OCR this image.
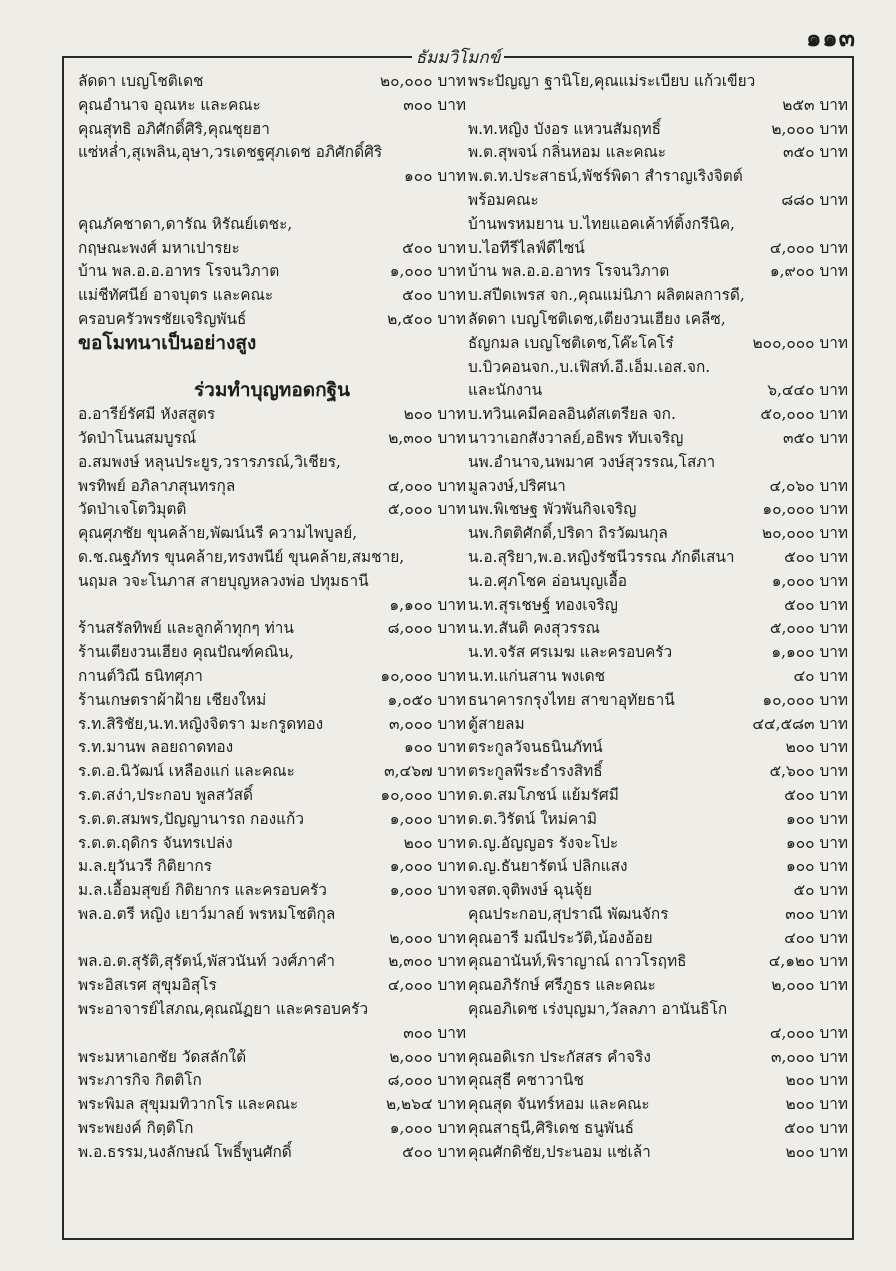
๑๑๓
ธัมมวิโมกข์
ลัดดา เบญโชติเดช	๒๐,๐๐๐ บาท
คุณอำนาจ อุณหะ และคณะ	๓๐๐ บาท
คุณสุทธิ อภิศักดิ์ศิริ,คุณชุยฮา
แซ่หล่ำ,สุเพลิน,อุษา,วรเดชฐศุภเดช อภิศักดิ์ศิริ
๑๐๐ บาท
คุณภัคชาดา,ดารัณ หิรัณย์เตชะ,
กฤษณะพงศ์ มหาเปารยะ	๕๐๐ บาท
บ้าน พล.อ.อ.อาทร โรจนวิภาต	๑,๐๐๐ บาท
แม่ชีทัศนีย์ อาจบุตร และคณะ	๕๐๐ บาท
ครอบครัวพรชัยเจริญพันธ์	๒,๕๐๐ บาท
ขอโมทนาเป็นอย่างสูง
ร่วมทำบุญทอดกฐิน
อ.อารีย์รัศมี หังสสูตร	๒๐๐ บาท
วัดป่าโนนสมบูรณ์	๒,๓๐๐ บาท
อ.สมพงษ์ หลุนประยูร,วรารภรณ์,วิเชียร,
พรทิพย์ อภิลาภสุนทรกุล	๔,๐๐๐ บาท
วัดป่าเจโตวิมุตติ	๕,๐๐๐ บาท
คุณศุภชัย ขุนคล้าย,พัฒน์นรี ความไพบูลย์,
ด.ช.ณฐภัทร ขุนคล้าย,ทรงพนีย์ ขุนคล้าย,สมชาย,
นฤมล วจะโนภาส สายบุญหลวงพ่อ ปทุมธานี
๑,๑๐๐ บาท
ร้านสรัลทิพย์ และลูกค้าทุกๆ ท่าน	๘,๐๐๐ บาท
ร้านเตียงวนเฮียง คุณปัณฑ์คณิน,
กานต์วิณี ธนิทศุภา	๑๐,๐๐๐ บาท
ร้านเกษตราผ้าฝ้าย เชียงใหม่	๑,๐๕๐ บาท
ร.ท.สิริชัย,น.ท.หญิงจิตรา มะกรูดทอง	๓,๐๐๐ บาท
ร.ท.มานพ ลอยถาดทอง	๑๐๐ บาท
ร.ต.อ.นิวัฒน์ เหลืองแก่ และคณะ	๓,๔๖๗ บาท
ร.ต.สง่า,ประกอบ พูลสวัสดิ์	๑๐,๐๐๐ บาท
ร.ต.ต.สมพร,ปัญญานารถ กองแก้ว	๑,๐๐๐ บาท
ร.ต.ต.ฤดิกร จันทรเปล่ง	๒๐๐ บาท
ม.ล.ยุวันวรี กิติยากร	๑,๐๐๐ บาท
ม.ล.เอื้อมสุขย์ กิติยากร และครอบครัว	๑,๐๐๐ บาท
พล.อ.ตรี หญิง เยาว์มาลย์ พรหมโชติกุล
๒,๐๐๐ บาท
พล.อ.ต.สุรัติ,สุรัตน์,พัสวนันท์ วงศ์ภาคำ	๒,๓๐๐ บาท
พระอิสเรศ สุขุมอิสุโร	๔,๐๐๐ บาท
พระอาจารย์ไสภณ,คุณณัฏยา และครอบครัว
๓๐๐ บาท
พระมหาเอกชัย วัดสลักใต้	๒,๐๐๐ บาท
พระภารกิจ กิตติโก	๘,๐๐๐ บาท
พระพิมล สุขุมมทิวากโร และคณะ	๒,๒๖๔ บาท
พระพยงค์ กิตฺติโก	๑,๐๐๐ บาท
พ.อ.ธรรม,นงลักษณ์ โพธิ์พูนศักดิ์	๕๐๐ บาท
พระปัญญา ฐานิโย,คุณแม่ระเบียบ แก้วเขียว
๒๕๓ บาท
พ.ท.หญิง บังอร แหวนสัมฤทธิ์	๒,๐๐๐ บาท
พ.ต.สุพจน์ กลิ่นหอม และคณะ	๓๕๐ บาท
พ.ต.ท.ประสาธน์,พัชร์พิดา สำราญเริงจิตต์
พร้อมคณะ	๘๘๐ บาท
บ้านพรหมยาน บ.ไทยแอคเค้าท์ติ้งกรีนิค,
บ.ไอทีรีไลฟ์ดีไซน์	๔,๐๐๐ บาท
บ้าน พล.อ.อ.อาทร โรจนวิภาต	๑,๙๐๐ บาท
บ.สปีดเพรส จก.,คุณแม่นิภา ผลิตผลการดี,
ลัดดา เบญโชติเดช,เตียงวนเฮียง เคลีซ,
ธัญกมล เบญโชติเดช,โค๊ะโคโร๋	๒๐๐,๐๐๐ บาท
บ.บิวคอนจก.,บ.เฟิสท์.อี.เอ็ม.เอส.จก.
และนักงาน	๖,๔๔๐ บาท
บ.ทวินเคมีคอลอินดัสเตรียล จก.	๕๐,๐๐๐ บาท
นาวาเอกสังวาลย์,อธิพร ทับเจริญ	๓๕๐ บาท
นพ.อำนาจ,นพมาศ วงษ์สุวรรณ,โสภา
มูลวงษ์,ปริศนา	๔,๐๖๐ บาท
นพ.พิเชษฐ พัวพันกิจเจริญ	๑๐,๐๐๐ บาท
นพ.กิตติศักดิ์,ปริดา ถิรวัฒนกุล	๒๐,๐๐๐ บาท
น.อ.สุริยา,พ.อ.หญิงรัชนีวรรณ ภักดีเสนา	๕๐๐ บาท
น.อ.ศุภโชค อ่อนบุญเอื้อ	๑,๐๐๐ บาท
น.ท.สุรเชษฐ์ ทองเจริญ	๕๐๐ บาท
น.ท.สันติ คงสุวรรณ	๕,๐๐๐ บาท
น.ท.จรัส ศรเมฆ และครอบครัว	๑,๑๐๐ บาท
น.ท.แก่นสาน พงเดช	๔๐ บาท
ธนาคารกรุงไทย สาขาอุทัยธานี	๑๐,๐๐๐ บาท
ตู้สายลม	๔๔,๕๘๓ บาท
ตระกูลวัจนธนินภัทน์	๒๐๐ บาท
ตระกูลพีระธำรงสิทธิ์	๕,๖๐๐ บาท
ด.ต.สมโภชน์ แย้มรัศมี	๕๐๐ บาท
ด.ต.วิรัตน์ ใหม่คามิ	๑๐๐ บาท
ด.ญ.อัญญอร รังจะโปะ	๑๐๐ บาท
ด.ญ.ธันยารัตน์ ปลิกแสง	๑๐๐ บาท
จสต.จุติพงษ์ ฉุนจุ้ย	๕๐ บาท
คุณประกอบ,สุปราณี พัฒนจักร	๓๐๐ บาท
คุณอารี มณีประวัติ,น้องอ้อย	๔๐๐ บาท
คุณอานันท์,พิราญาณ์ ถาวโรฤทธิ	๔,๑๒๐ บาท
คุณอภิรักษ์ ศรีภูธร และคณะ	๒,๐๐๐ บาท
คุณอภิเดช เร่งบุญมา,วัลลภา อานันธิโก
๔,๐๐๐ บาท
คุณอดิเรก ประกัสสร คำจริง	๓,๐๐๐ บาท
คุณสุธี คชาวานิช	๒๐๐ บาท
คุณสุด จันทร์หอม และคณะ	๒๐๐ บาท
คุณสาธุนี,ศิริเดช ธนูพันธ์	๕๐๐ บาท
คุณศักดิชัย,ประนอม แซ่เล้า	๒๐๐ บาท
